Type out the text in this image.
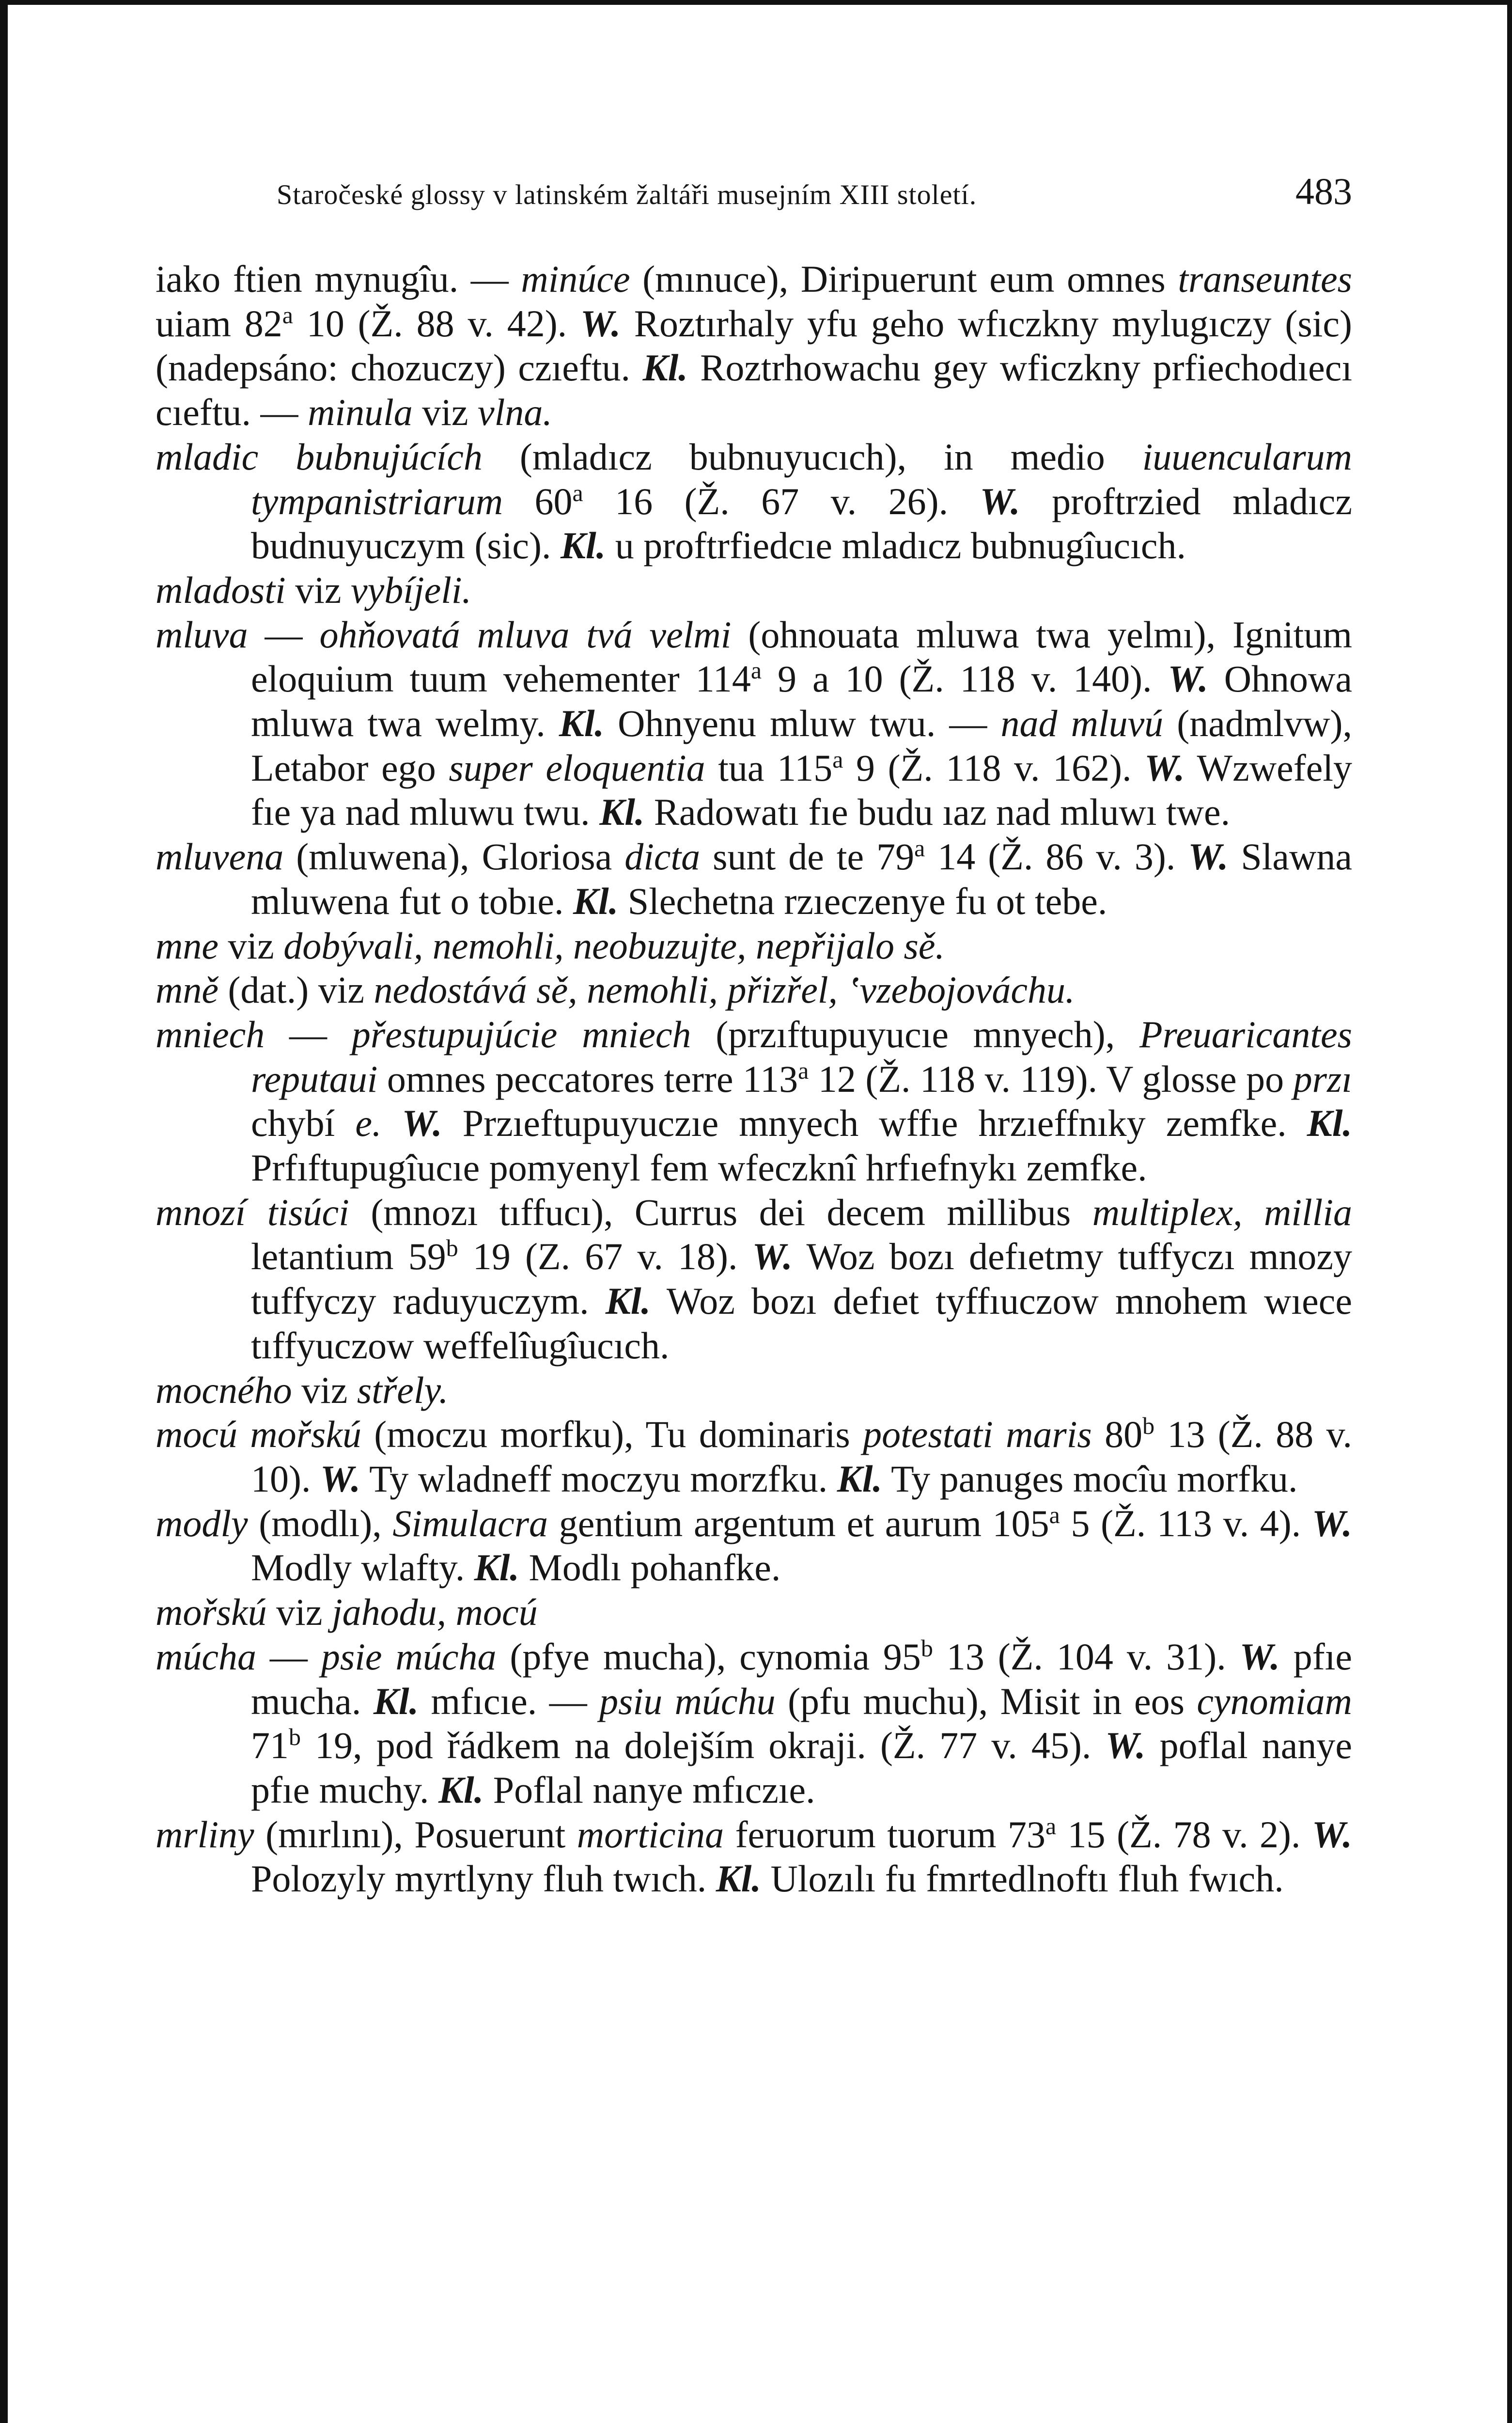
Staročeské glossy v latinském žaltáři musejním XIII století.	483

iako ftien mynugîu. — minúce (mınuce), Diripuerunt eum omnes transeuntes uiam 82$^a$ 10 (Ž. 88 v. 42). W. Roztırhaly yfu geho wfıczkny mylugıczy (sic) (nadepsáno: chozuczy) czıeftu. Kl. Roztrhowachu gey wficzkny prfiechodıecı cıeftu. — minula viz vlna.

mladic bubnujúcích (mladıcz bubnuyucıch), in medio iuuencularum tympanistriarum 60$^a$ 16 (Ž. 67 v. 26). W. proftrzied mladıcz budnuyuczym (sic). Kl. u proftrfiedcıe mladıcz bubnugîucıch.

mladosti viz vybíjeli.

mluva — ohňovatá mluva tvá velmi (ohnouata mluwa twa yelmı), Ignitum eloquium tuum vehementer 114$^a$ 9 a 10 (Ž. 118 v. 140). W. Ohnowa mluwa twa welmy. Kl. Ohnyenu mluw twu. — nad mluvú (nadmlvw), Letabor ego super eloquentia tua 115$^a$ 9 (Ž. 118 v. 162). W. Wzwefely fıe ya nad mluwu twu. Kl. Radowatı fıe budu ıaz nad mluwı twe.

mluvena (mluwena), Gloriosa dicta sunt de te 79$^a$ 14 (Ž. 86 v. 3). W. Slawna mluwena fut o tobıe. Kl. Slechetna rzıeczenye fu ot tebe.

mne viz dobývali, nemohli, neobuzujte, nepřijalo sě.

mně (dat.) viz nedostává sě, nemohli, přizřel, ʽvzebojováchu.

mniech — přestupujúcie mniech (przıftupuyucıe mnyech), Preuaricantes reputaui omnes peccatores terre 113$^a$ 12 (Ž. 118 v. 119). V glosse po przı chybí e. W. Przıeftupuyuczıe mnyech wffıe hrzıeffnıky zemfke. Kl. Prfıftupugîucıe pomyenyl fem wfeczknî hrfıefnykı zemfke.

mnozí tisúci (mnozı tıffucı), Currus dei decem millibus multiplex, millia letantium 59$^b$ 19 (Z. 67 v. 18). W. Woz bozı defıetmy tuffyczı mnozy tuffyczy raduyuczym. Kl. Woz bozı defıet tyffıuczow mnohem wıece tıffyuczow weffelîugîucıch.

mocného viz střely.

mocú mořskú (moczu morfku), Tu dominaris potestati maris 80$^b$ 13 (Ž. 88 v. 10). W. Ty wladneff moczyu morzfku. Kl. Ty panuges mocîu morfku.

modly (modlı), Simulacra gentium argentum et aurum 105$^a$ 5 (Ž. 113 v. 4). W. Modly wlafty. Kl. Modlı pohanfke.

mořskú viz jahodu, mocú

múcha — psie múcha (pfye mucha), cynomia 95$^b$ 13 (Ž. 104 v. 31). W. pfıe mucha. Kl. mfıcıe. — psiu múchu (pfu muchu), Misit in eos cynomiam 71$^b$ 19, pod řádkem na dolejším okraji. (Ž. 77 v. 45). W. poflal nanye pfıe muchy. Kl. Poflal nanye mfıczıe.

mrliny (mırlını), Posuerunt morticina feruorum tuorum 73$^a$ 15 (Ž. 78 v. 2). W. Polozyly myrtlyny fluh twıch. Kl. Ulozılı fu fmrtedlnoftı fluh fwıch.
